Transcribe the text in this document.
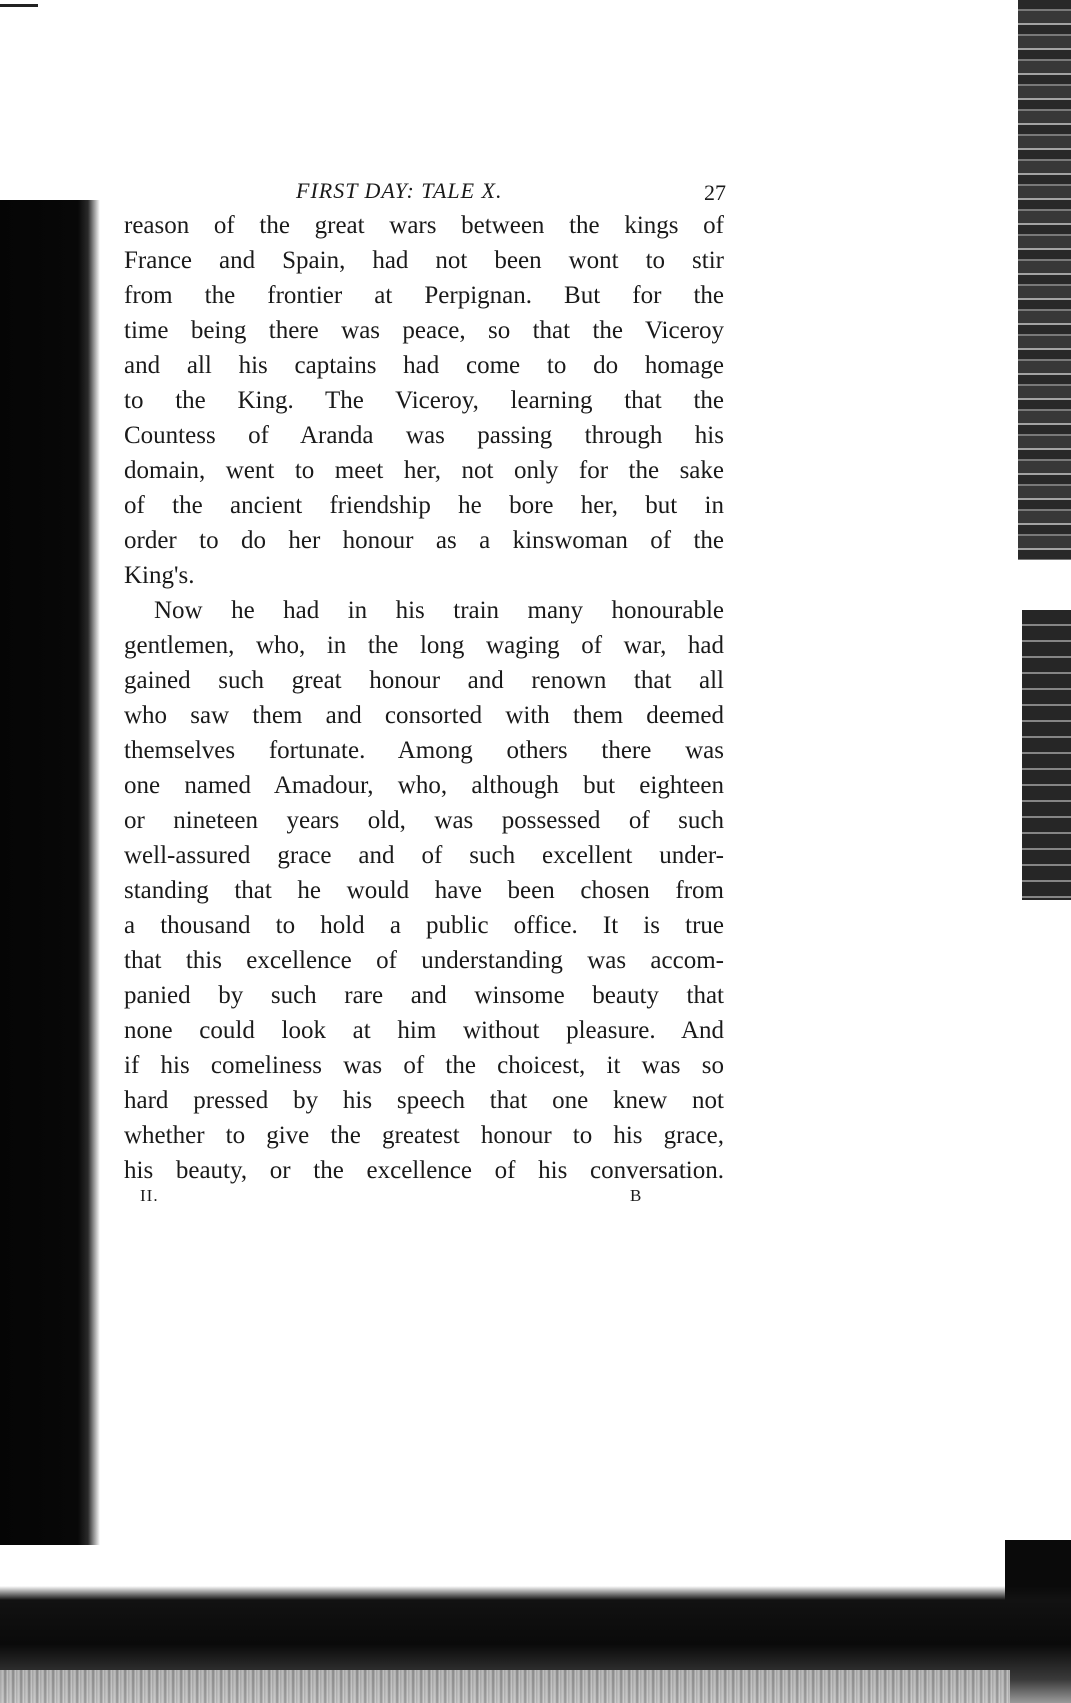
FIRST DAY: TALE X.	27
reason of the great wars between the kings of
France and Spain, had not been wont to stir
from the frontier at Perpignan. But for the
time being there was peace, so that the Viceroy
and all his captains had come to do homage
to the King. The Viceroy, learning that the
Countess of Aranda was passing through his
domain, went to meet her, not only for the sake
of the ancient friendship he bore her, but in
order to do her honour as a kinswoman of the
King's.
Now he had in his train many honourable
gentlemen, who, in the long waging of war, had
gained such great honour and renown that all
who saw them and consorted with them deemed
themselves fortunate. Among others there was
one named Amadour, who, although but eighteen
or nineteen years old, was possessed of such
well-assured grace and of such excellent under-
standing that he would have been chosen from
a thousand to hold a public office. It is true
that this excellence of understanding was accom-
panied by such rare and winsome beauty that
none could look at him without pleasure. And
if his comeliness was of the choicest, it was so
hard pressed by his speech that one knew not
whether to give the greatest honour to his grace,
his beauty, or the excellence of his conversation.
II.	B
